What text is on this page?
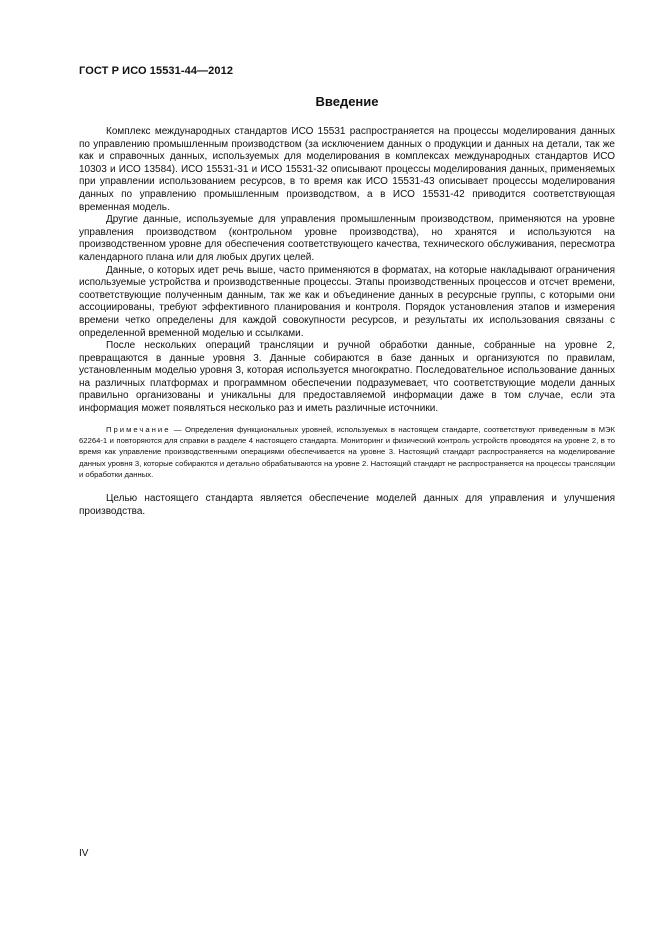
ГОСТ Р ИСО 15531-44—2012
Введение

Комплекс международных стандартов ИСО 15531 распространяется на процессы моделирования данных по управлению промышленным производством (за исключением данных о продукции и данных на детали, так же как и справочных данных, используемых для моделирования в комплексах международных стандартов ИСО 10303 и ИСО 13584). ИСО 15531-31 и ИСО 15531-32 описывают процессы моделирования данных, применяемых при управлении использованием ресурсов, в то время как ИСО 15531-43 описывает процессы моделирования данных по управлению промышленным производством, а в ИСО 15531-42 приводится соответствующая временная модель.

Другие данные, используемые для управления промышленным производством, применяются на уровне управления производством (контрольном уровне производства), но хранятся и используются на производственном уровне для обеспечения соответствующего качества, технического обслуживания, пересмотра календарного плана или для любых других целей.

Данные, о которых идет речь выше, часто применяются в форматах, на которые накладывают ограничения используемые устройства и производственные процессы. Этапы производственных процессов и отсчет времени, соответствующие полученным данным, так же как и объединение данных в ресурсные группы, с которыми они ассоциированы, требуют эффективного планирования и контроля. Порядок установления этапов и измерения времени четко определены для каждой совокупности ресурсов, и результаты их использования связаны с определенной временной моделью и ссылками.

После нескольких операций трансляции и ручной обработки данные, собранные на уровне 2, превращаются в данные уровня 3. Данные собираются в базе данных и организуются по правилам, установленным моделью уровня 3, которая используется многократно. Последовательное использование данных на различных платформах и программном обеспечении подразумевает, что соответствующие модели данных правильно организованы и уникальны для предоставляемой информации даже в том случае, если эта информация может появляться несколько раз и иметь различные источники.

Примечание — Определения функциональных уровней, используемых в настоящем стандарте, соответствуют приведенным в МЭК 62264-1 и повторяются для справки в разделе 4 настоящего стандарта. Мониторинг и физический контроль устройств проводятся на уровне 2, в то время как управление производственными операциями обеспечивается на уровне 3. Настоящий стандарт распространяется на моделирование данных уровня 3, которые собираются и детально обрабатываются на уровне 2. Настоящий стандарт не распространяется на процессы трансляции и обработки данных.

Целью настоящего стандарта является обеспечение моделей данных для управления и улучшения производства.

IV
